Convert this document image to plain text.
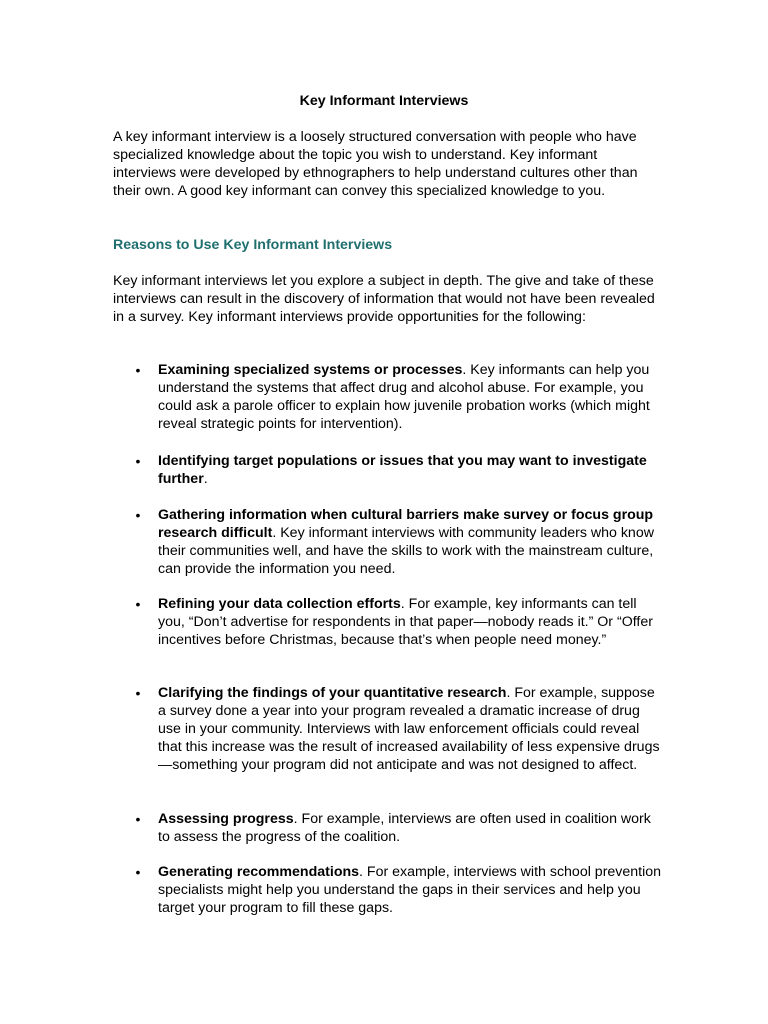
Key Informant Interviews

A key informant interview is a loosely structured conversation with people who have specialized knowledge about the topic you wish to understand. Key informant interviews were developed by ethnographers to help understand cultures other than their own. A good key informant can convey this specialized knowledge to you.

Reasons to Use Key Informant Interviews

Key informant interviews let you explore a subject in depth. The give and take of these interviews can result in the discovery of information that would not have been revealed in a survey. Key informant interviews provide opportunities for the following:

• Examining specialized systems or processes. Key informants can help you understand the systems that affect drug and alcohol abuse. For example, you could ask a parole officer to explain how juvenile probation works (which might reveal strategic points for intervention).
• Identifying target populations or issues that you may want to investigate further.
• Gathering information when cultural barriers make survey or focus group research difficult. Key informant interviews with community leaders who know their communities well, and have the skills to work with the mainstream culture, can provide the information you need.
• Refining your data collection efforts. For example, key informants can tell you, “Don’t advertise for respondents in that paper—nobody reads it.” Or “Offer incentives before Christmas, because that’s when people need money.”
• Clarifying the findings of your quantitative research. For example, suppose a survey done a year into your program revealed a dramatic increase of drug use in your community. Interviews with law enforcement officials could reveal that this increase was the result of increased availability of less expensive drugs—something your program did not anticipate and was not designed to affect.
• Assessing progress. For example, interviews are often used in coalition work to assess the progress of the coalition.
• Generating recommendations. For example, interviews with school prevention specialists might help you understand the gaps in their services and help you target your program to fill these gaps.
